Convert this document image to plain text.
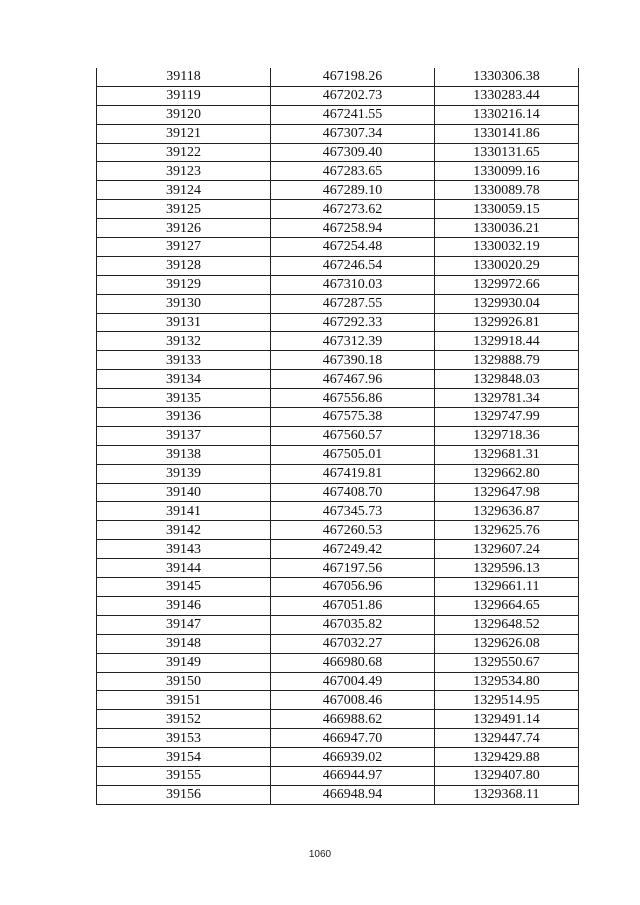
39118	467198.26	1330306.38
39119	467202.73	1330283.44
39120	467241.55	1330216.14
39121	467307.34	1330141.86
39122	467309.40	1330131.65
39123	467283.65	1330099.16
39124	467289.10	1330089.78
39125	467273.62	1330059.15
39126	467258.94	1330036.21
39127	467254.48	1330032.19
39128	467246.54	1330020.29
39129	467310.03	1329972.66
39130	467287.55	1329930.04
39131	467292.33	1329926.81
39132	467312.39	1329918.44
39133	467390.18	1329888.79
39134	467467.96	1329848.03
39135	467556.86	1329781.34
39136	467575.38	1329747.99
39137	467560.57	1329718.36
39138	467505.01	1329681.31
39139	467419.81	1329662.80
39140	467408.70	1329647.98
39141	467345.73	1329636.87
39142	467260.53	1329625.76
39143	467249.42	1329607.24
39144	467197.56	1329596.13
39145	467056.96	1329661.11
39146	467051.86	1329664.65
39147	467035.82	1329648.52
39148	467032.27	1329626.08
39149	466980.68	1329550.67
39150	467004.49	1329534.80
39151	467008.46	1329514.95
39152	466988.62	1329491.14
39153	466947.70	1329447.74
39154	466939.02	1329429.88
39155	466944.97	1329407.80
39156	466948.94	1329368.11
1060
